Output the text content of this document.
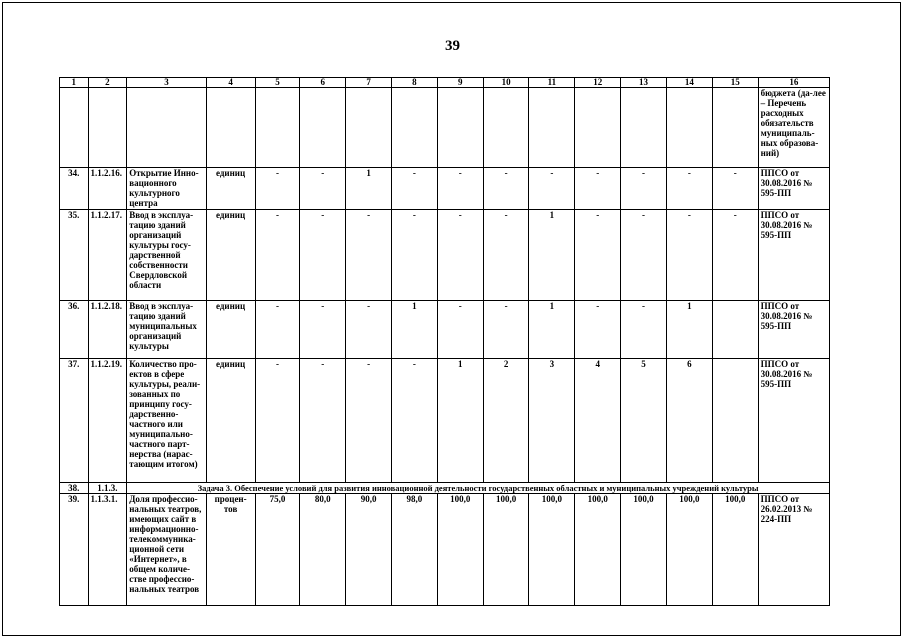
39
1	2	3	4	5	6	7	8	9	10	11	12	13	14	15	16
															бюджета (да-лее – Перечень расходных обязательств муниципаль-ных образова-ний)
34.	1.1.2.16.	Открытие Инно-вационного культурного центра	единиц	-	-	1	-	-	-	-	-	-	-	-	ППСО от 30.08.2016 № 595-ПП
35.	1.1.2.17.	Ввод в эксплуа-тацию зданий организаций культуры госу-дарственной собственности Свердловской области	единиц	-	-	-	-	-	-	1	-	-	-	-	ППСО от 30.08.2016 № 595-ПП
36.	1.1.2.18.	Ввод в эксплуа-тацию зданий муниципальных организаций культуры	единиц	-	-	-	1	-	-	1	-	-	1		ППСО от 30.08.2016 № 595-ПП
37.	1.1.2.19.	Количество про-ектов в сфере культуры, реали-зованных по принципу госу-дарственно-частного или муниципально-частного парт-нерства (нарас-тающим итогом)	единиц	-	-	-	-	1	2	3	4	5	6		ППСО от 30.08.2016 № 595-ПП
38.	1.1.3.	Задача 3. Обеспечение условий для развития инновационной деятельности государственных областных и муниципальных учреждений культуры													
39.	1.1.3.1.	Доля профессио-нальных театров, имеющих сайт в информационно-телекоммуника-ционной сети «Интернет», в общем количе-стве профессио-нальных театров	процен-тов	75,0	80,0	90,0	98,0	100,0	100,0	100,0	100,0	100,0	100,0	100,0	ППСО от 26.02.2013 № 224-ПП
